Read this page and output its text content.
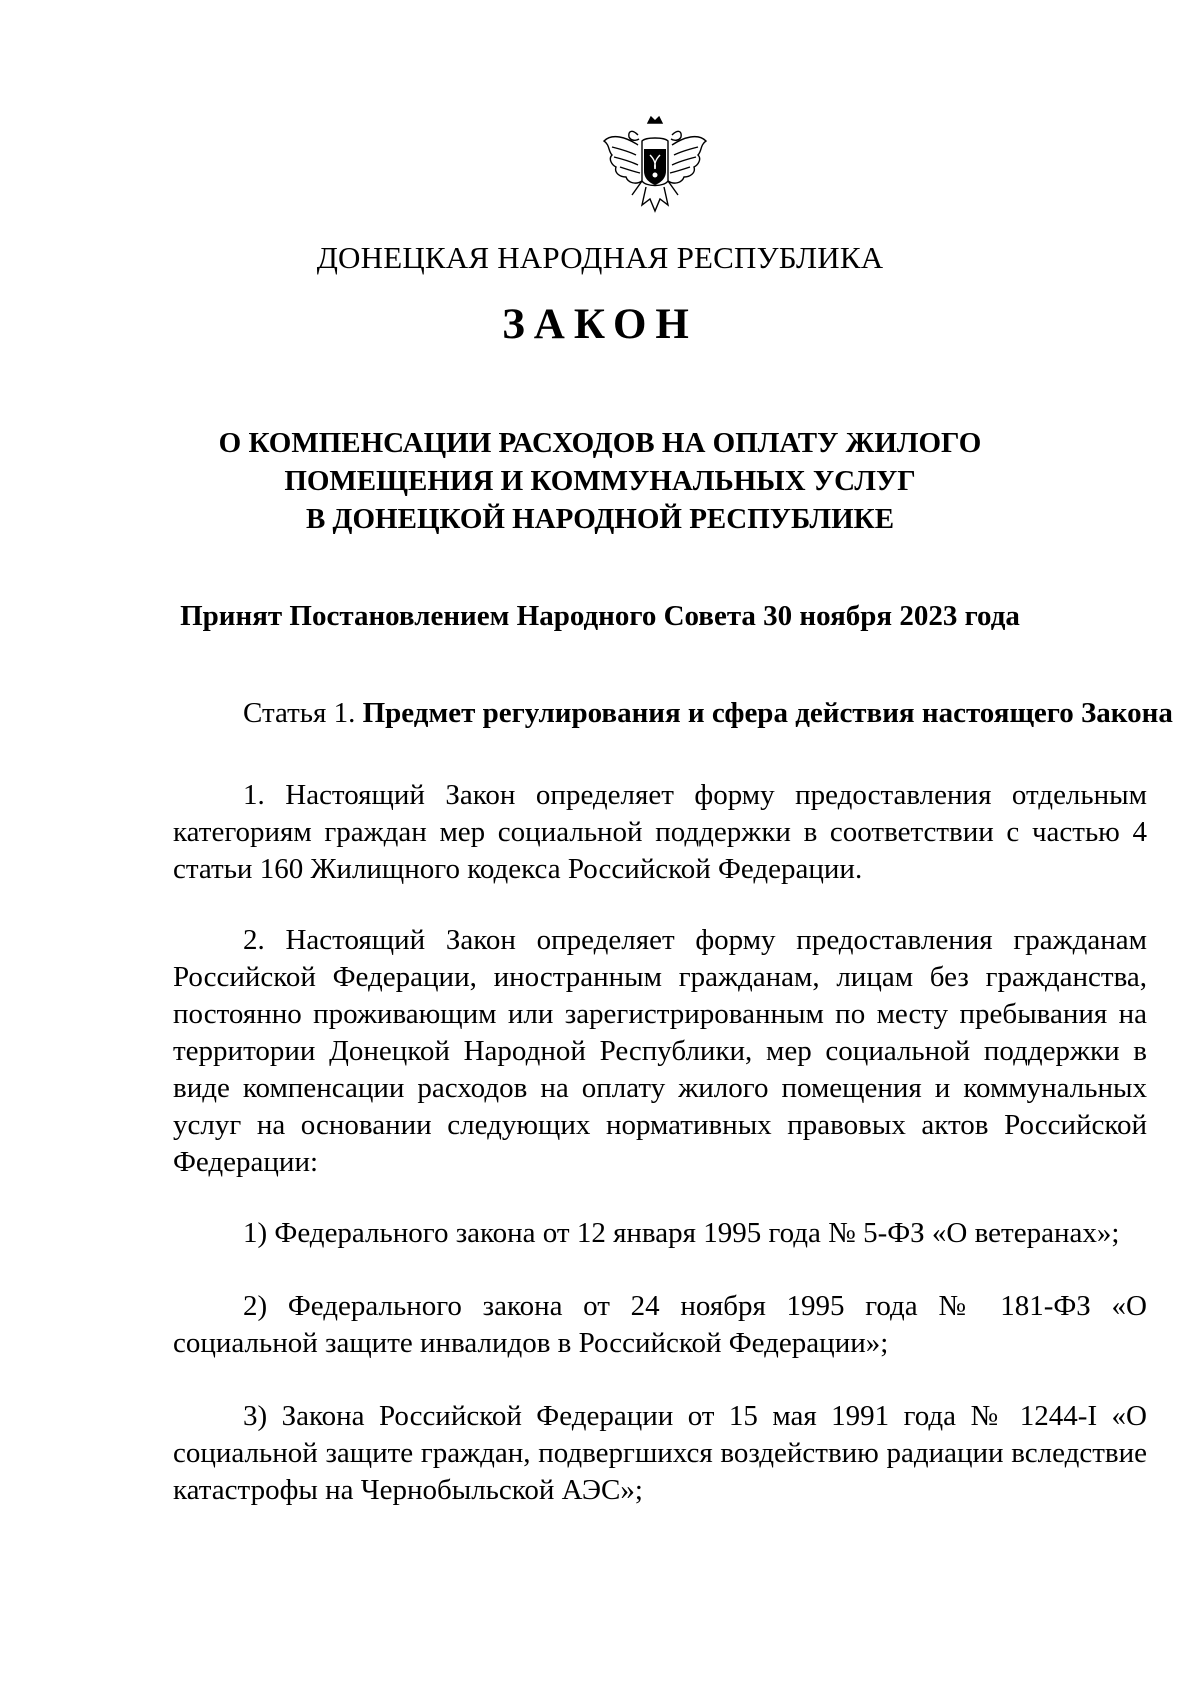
ДОНЕЦКАЯ НАРОДНАЯ РЕСПУБЛИКА
ЗАКОН
О КОМПЕНСАЦИИ РАСХОДОВ НА ОПЛАТУ ЖИЛОГО
ПОМЕЩЕНИЯ И КОММУНАЛЬНЫХ УСЛУГ
В ДОНЕЦКОЙ НАРОДНОЙ РЕСПУБЛИКЕ
Принят Постановлением Народного Совета 30 ноября 2023 года
Статья 1. Предмет регулирования и сфера действия настоящего Закона

1. Настоящий Закон определяет форму предоставления отдельным категориям граждан мер социальной поддержки в соответствии с частью 4 статьи 160 Жилищного кодекса Российской Федерации.

2. Настоящий Закон определяет форму предоставления гражданам Российской Федерации, иностранным гражданам, лицам без гражданства, постоянно проживающим или зарегистрированным по месту пребывания на территории Донецкой Народной Республики, мер социальной поддержки в виде компенсации расходов на оплату жилого помещения и коммунальных услуг на основании следующих нормативных правовых актов Российской Федерации:

1) Федерального закона от 12 января 1995 года № 5-ФЗ «О ветеранах»;

2) Федерального закона от 24 ноября 1995 года № 181-ФЗ «О социальной защите инвалидов в Российской Федерации»;

3) Закона Российской Федерации от 15 мая 1991 года № 1244-I «О социальной защите граждан, подвергшихся воздействию радиации вследствие катастрофы на Чернобыльской АЭС»;
